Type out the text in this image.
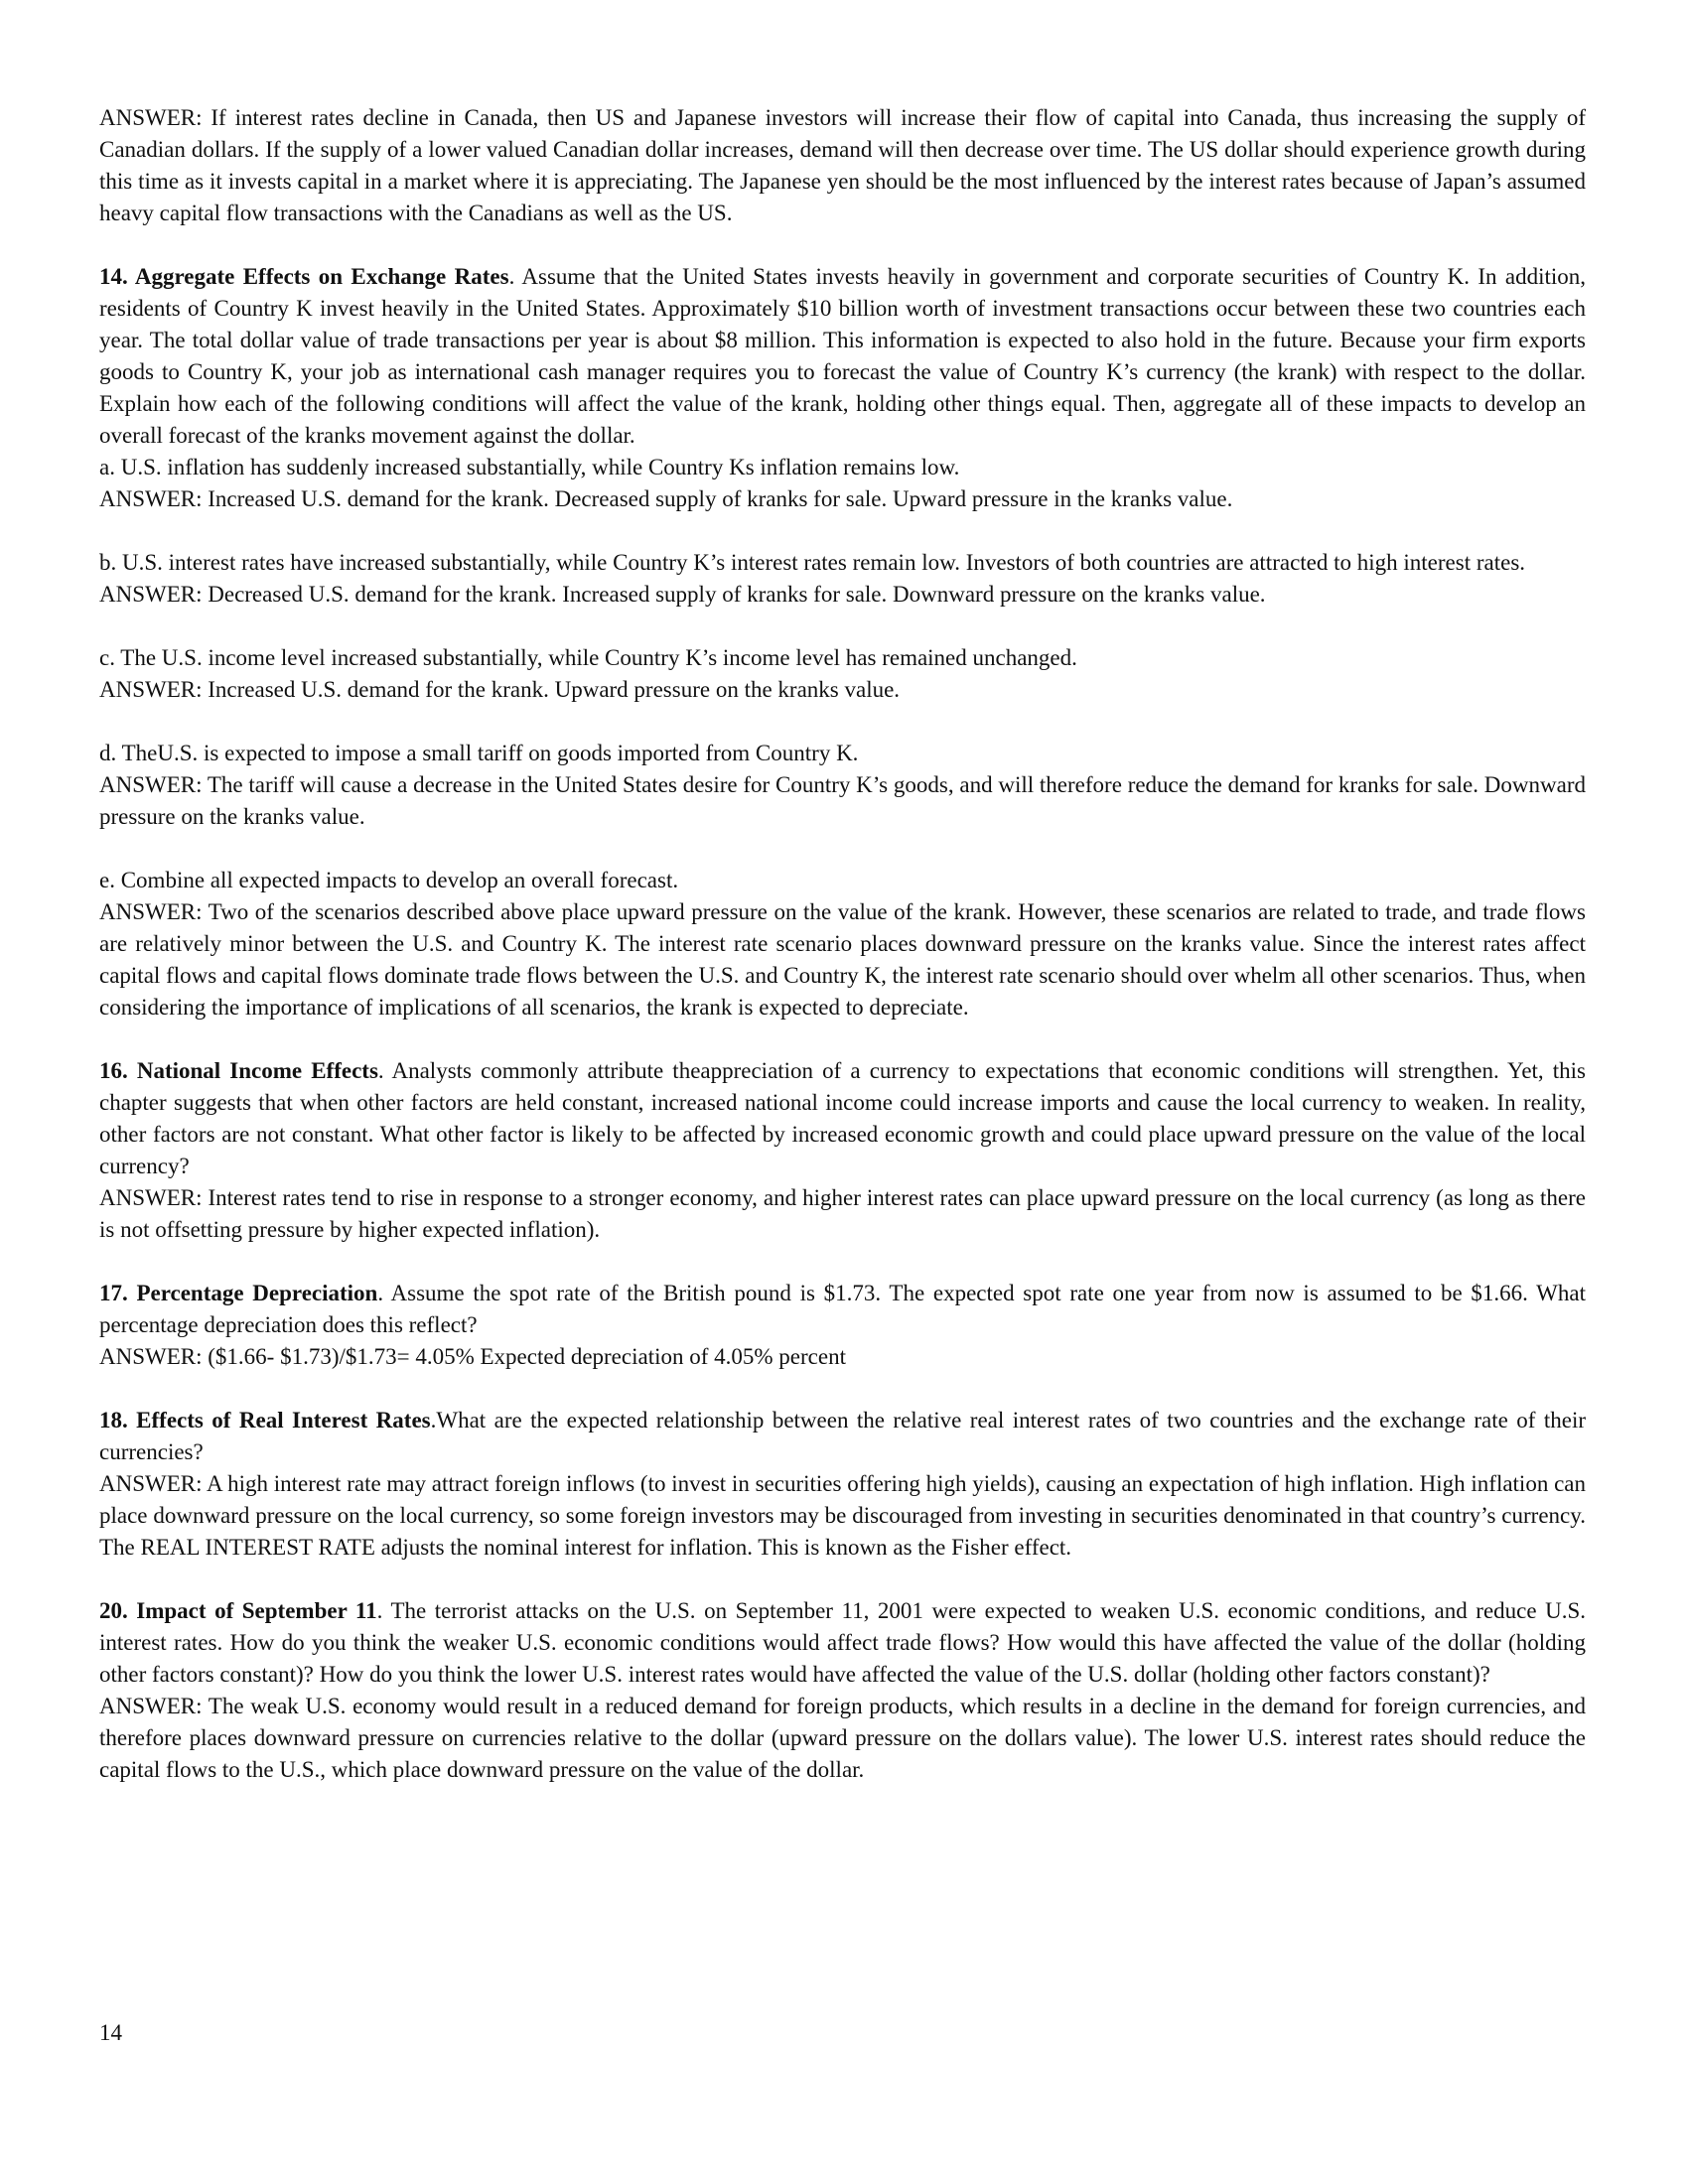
ANSWER: If interest rates decline in Canada, then US and Japanese investors will increase their flow of capital into Canada, thus increasing the supply of Canadian dollars. If the supply of a lower valued Canadian dollar increases, demand will then decrease over time. The US dollar should experience growth during this time as it invests capital in a market where it is appreciating. The Japanese yen should be the most influenced by the interest rates because of Japan’s assumed heavy capital flow transactions with the Canadians as well as the US.

14. Aggregate Effects on Exchange Rates. Assume that the United States invests heavily in government and corporate securities of Country K. In addition, residents of Country K invest heavily in the United States. Approximately $10 billion worth of investment transactions occur between these two countries each year. The total dollar value of trade transactions per year is about $8 million. This information is expected to also hold in the future. Because your firm exports goods to Country K, your job as international cash manager requires you to forecast the value of Country K’s currency (the krank) with respect to the dollar. Explain how each of the following conditions will affect the value of the krank, holding other things equal. Then, aggregate all of these impacts to develop an overall forecast of the kranks movement against the dollar.

a. U.S. inflation has suddenly increased substantially, while Country Ks inflation remains low.

ANSWER: Increased U.S. demand for the krank. Decreased supply of kranks for sale. Upward pressure in the kranks value.

b. U.S. interest rates have increased substantially, while Country K’s interest rates remain low. Investors of both countries are attracted to high interest rates.

ANSWER: Decreased U.S. demand for the krank. Increased supply of kranks for sale. Downward pressure on the kranks value.

c. The U.S. income level increased substantially, while Country K’s income level has remained unchanged.

ANSWER: Increased U.S. demand for the krank. Upward pressure on the kranks value.

d. TheU.S. is expected to impose a small tariff on goods imported from Country K.

ANSWER: The tariff will cause a decrease in the United States desire for Country K’s goods, and will therefore reduce the demand for kranks for sale. Downward pressure on the kranks value.

e. Combine all expected impacts to develop an overall forecast.

ANSWER: Two of the scenarios described above place upward pressure on the value of the krank. However, these scenarios are related to trade, and trade flows are relatively minor between the U.S. and Country K. The interest rate scenario places downward pressure on the kranks value. Since the interest rates affect capital flows and capital flows dominate trade flows between the U.S. and Country K, the interest rate scenario should over whelm all other scenarios. Thus, when considering the importance of implications of all scenarios, the krank is expected to depreciate.

16. National Income Effects. Analysts commonly attribute theappreciation of a currency to expectations that economic conditions will strengthen. Yet, this chapter suggests that when other factors are held constant, increased national income could increase imports and cause the local currency to weaken. In reality, other factors are not constant. What other factor is likely to be affected by increased economic growth and could place upward pressure on the value of the local currency?

ANSWER: Interest rates tend to rise in response to a stronger economy, and higher interest rates can place upward pressure on the local currency (as long as there is not offsetting pressure by higher expected inflation).

17. Percentage Depreciation. Assume the spot rate of the British pound is $1.73. The expected spot rate one year from now is assumed to be $1.66. What percentage depreciation does this reflect?

ANSWER: ($1.66- $1.73)/$1.73= 4.05% Expected depreciation of 4.05% percent

18. Effects of Real Interest Rates.What are the expected relationship between the relative real interest rates of two countries and the exchange rate of their currencies?

ANSWER: A high interest rate may attract foreign inflows (to invest in securities offering high yields), causing an expectation of high inflation. High inflation can place downward pressure on the local currency, so some foreign investors may be discouraged from investing in securities denominated in that country’s currency. The REAL INTEREST RATE adjusts the nominal interest for inflation. This is known as the Fisher effect.

20. Impact of September 11. The terrorist attacks on the U.S. on September 11, 2001 were expected to weaken U.S. economic conditions, and reduce U.S. interest rates. How do you think the weaker U.S. economic conditions would affect trade flows? How would this have affected the value of the dollar (holding other factors constant)? How do you think the lower U.S. interest rates would have affected the value of the U.S. dollar (holding other factors constant)?

ANSWER: The weak U.S. economy would result in a reduced demand for foreign products, which results in a decline in the demand for foreign currencies, and therefore places downward pressure on currencies relative to the dollar (upward pressure on the dollars value). The lower U.S. interest rates should reduce the capital flows to the U.S., which place downward pressure on the value of the dollar.

14
